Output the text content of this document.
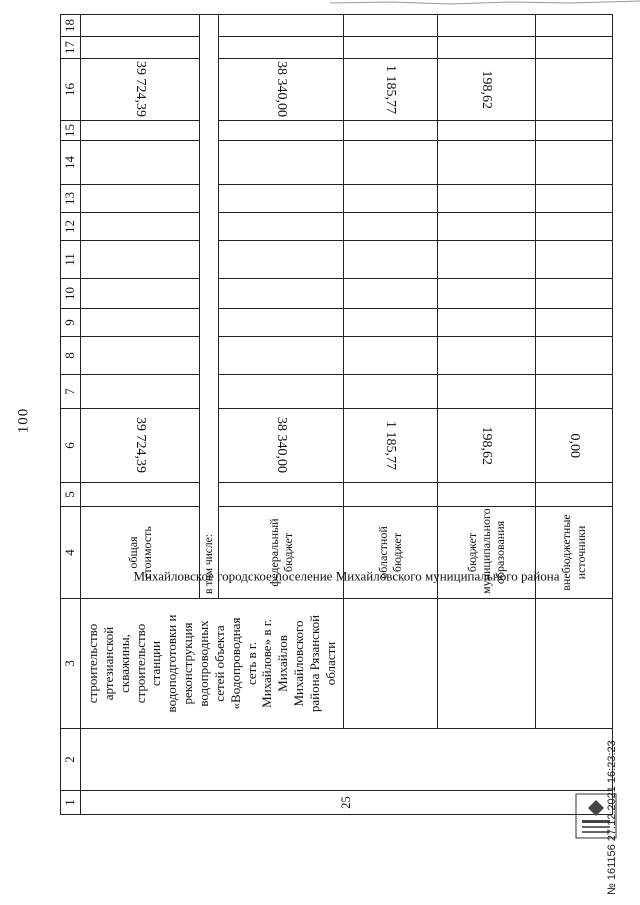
100
1	2	3	4	5	6	7	8	9	10	11	12	13	14	15	16	17	18
25	Михайловское городское поселение Михайловского муниципального района	строительство артезианской скважины, строительство станции водоподготовки и реконструкция водопроводных сетей объекта «Водопроводная сеть в г. Михайлове» в г. Михайлов Михайловского района Рязанской области	общая стоимость		39 724,39										39 724,39		
			в том числе:														

			федеральный бюджет		38 340,00										38 340,00		

			областной бюджет		1 185,77										1 185,77		

			бюджет муниципального образования		198,62										198,62		

			внебюджетные источники		0,00												
№ 161156 27.12.2021 16:23:23
